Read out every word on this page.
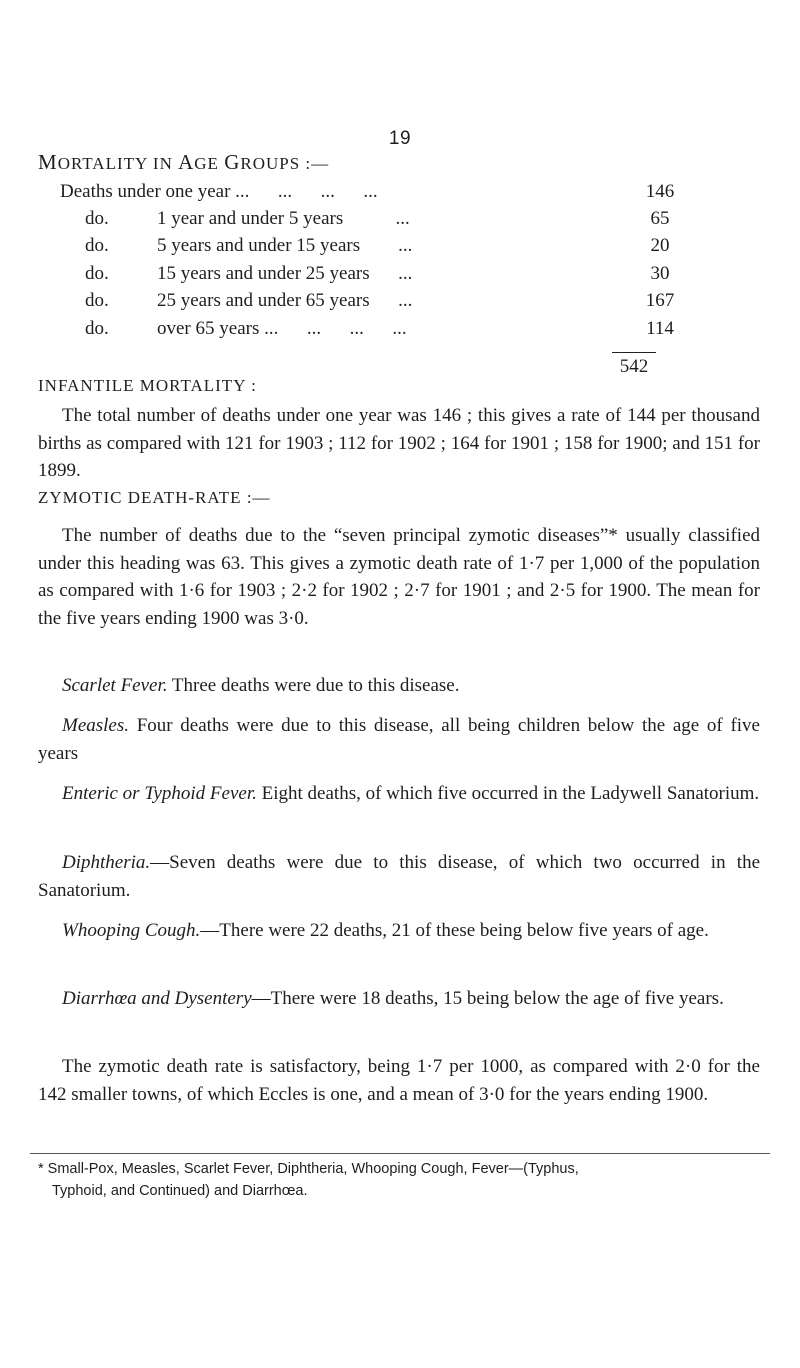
19
MORTALITY IN AGE GROUPS :—
Deaths under one year ...      ...      ...      ...	146
do.	1 year and under 5 years           ...	65
do.	5 years and under 15 years        ...	20
do.	15 years and under 25 years      ...	30
do.	25 years and under 65 years      ...	167
do.	over 65 years ...      ...      ...      ...	114
542
INFANTILE MORTALITY :

The total number of deaths under one year was 146 ; this gives a rate of 144 per thousand births as compared with 121 for 1903 ; 112 for 1902 ; 164 for 1901 ; 158 for 1900; and 151 for 1899.

ZYMOTIC DEATH-RATE :—

The number of deaths due to the “seven principal zymotic diseases”* usually classified under this heading was 63. This gives a zymotic death rate of 1·7 per 1,000 of the population as compared with 1·6 for 1903 ; 2·2 for 1902 ; 2·7 for 1901 ; and 2·5 for 1900. The mean for the five years ending 1900 was 3·0.

Scarlet Fever. Three deaths were due to this disease.

Measles. Four deaths were due to this disease, all being children below the age of five years

Enteric or Typhoid Fever. Eight deaths, of which five occurred in the Ladywell Sanatorium.

Diphtheria.—Seven deaths were due to this disease, of which two occurred in the Sanatorium.

Whooping Cough.—There were 22 deaths, 21 of these being below five years of age.

Diarrhœa and Dysentery—There were 18 deaths, 15 being below the age of five years.

The zymotic death rate is satisfactory, being 1·7 per 1000, as compared with 2·0 for the 142 smaller towns, of which Eccles is one, and a mean of 3·0 for the years ending 1900.

* Small-Pox, Measles, Scarlet Fever, Diphtheria, Whooping Cough, Fever—(Typhus,
Typhoid, and Continued) and Diarrhœa.
